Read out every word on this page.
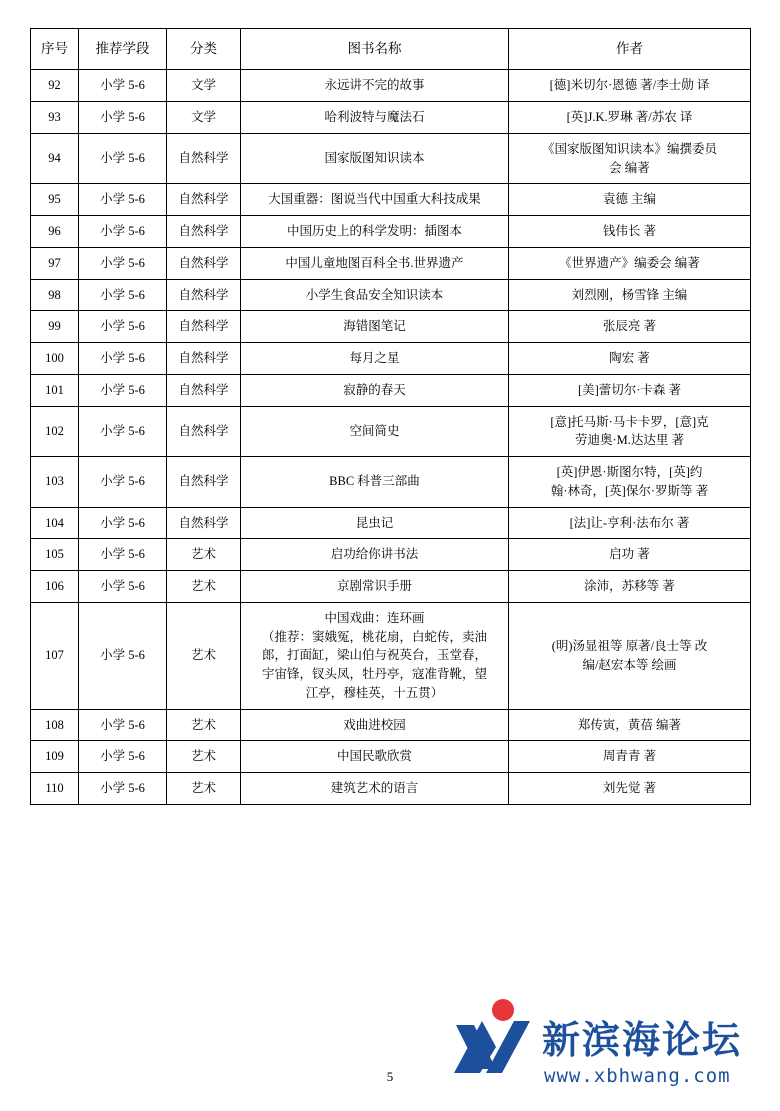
序号	推荐学段	分类	图书名称	作者
92	小学 5-6	文学	永远讲不完的故事	[德]米切尔·恩德 著/李士勋 译
93	小学 5-6	文学	哈利波特与魔法石	[英]J.K.罗琳 著/苏农 译
94	小学 5-6	自然科学	国家版图知识读本	《国家版图知识读本》编撰委员
会 编著

95	小学 5-6	自然科学	大国重器：图说当代中国重大科技成果	袁德 主编
96	小学 5-6	自然科学	中国历史上的科学发明：插图本	钱伟长 著
97	小学 5-6	自然科学	中国儿童地图百科全书.世界遗产	《世界遗产》编委会 编著
98	小学 5-6	自然科学	小学生食品安全知识读本	刘烈刚，杨雪锋 主编
99	小学 5-6	自然科学	海错图笔记	张辰亮 著
100	小学 5-6	自然科学	每月之星	陶宏 著
101	小学 5-6	自然科学	寂静的春天	[美]蕾切尔·卡森 著
102	小学 5-6	自然科学	空间简史	[意]托马斯·马卡卡罗，[意]克
劳迪奥·M.达达里 著

103	小学 5-6	自然科学	BBC 科普三部曲	[英]伊恩·斯图尔特，[英]约
翰·林奇，[英]保尔·罗斯等 著

104	小学 5-6	自然科学	昆虫记	[法]让-亨利·法布尔 著
105	小学 5-6	艺术	启功给你讲书法	启功 著
106	小学 5-6	艺术	京剧常识手册	涂沛，苏移等 著
107	小学 5-6	艺术	中国戏曲：连环画
（推荐：窦娥冤，桃花扇，白蛇传，卖油
郎，打面缸，梁山伯与祝英台，玉堂春，
宇宙锋，钗头凤，牡丹亭，寇准背靴，望
江亭，穆桂英，十五贯）	(明)汤显祖等 原著/良士等 改
编/赵宏本等 绘画

108	小学 5-6	艺术	戏曲进校园	郑传寅，黄蓓 编著
109	小学 5-6	艺术	中国民歌欣赏	周青青 著
110	小学 5-6	艺术	建筑艺术的语言	刘先觉 著
5
新滨海论坛
www.xbhwang.com
